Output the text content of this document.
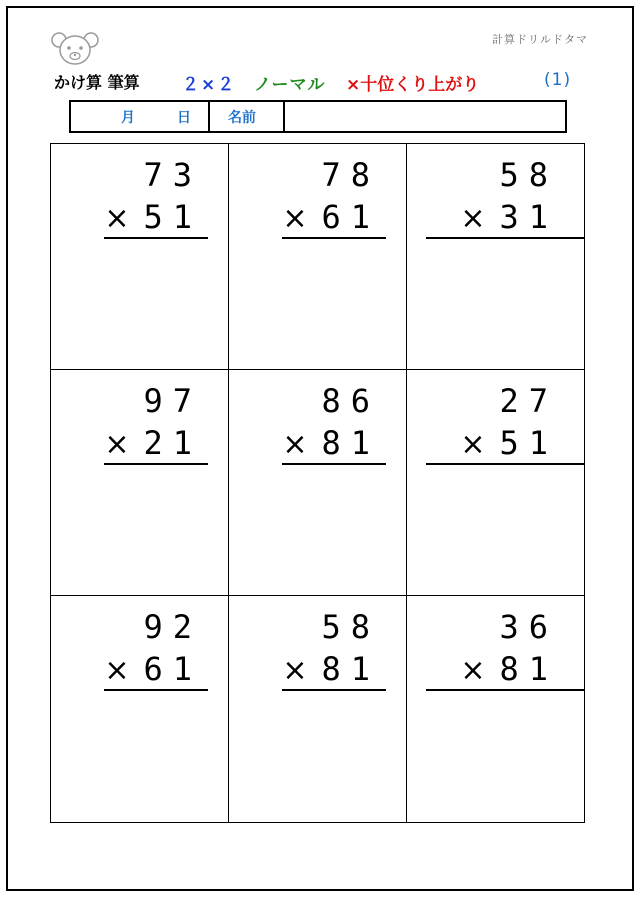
計算ドリルドタマ
かけ算 筆算 ２×２ ノーマル ×十位くり上がり	(1)
月	日	名前
73
× 51
78
× 61
58
× 31
97
× 21
86
× 81
27
× 51
92
× 61
58
× 81
36
× 81
